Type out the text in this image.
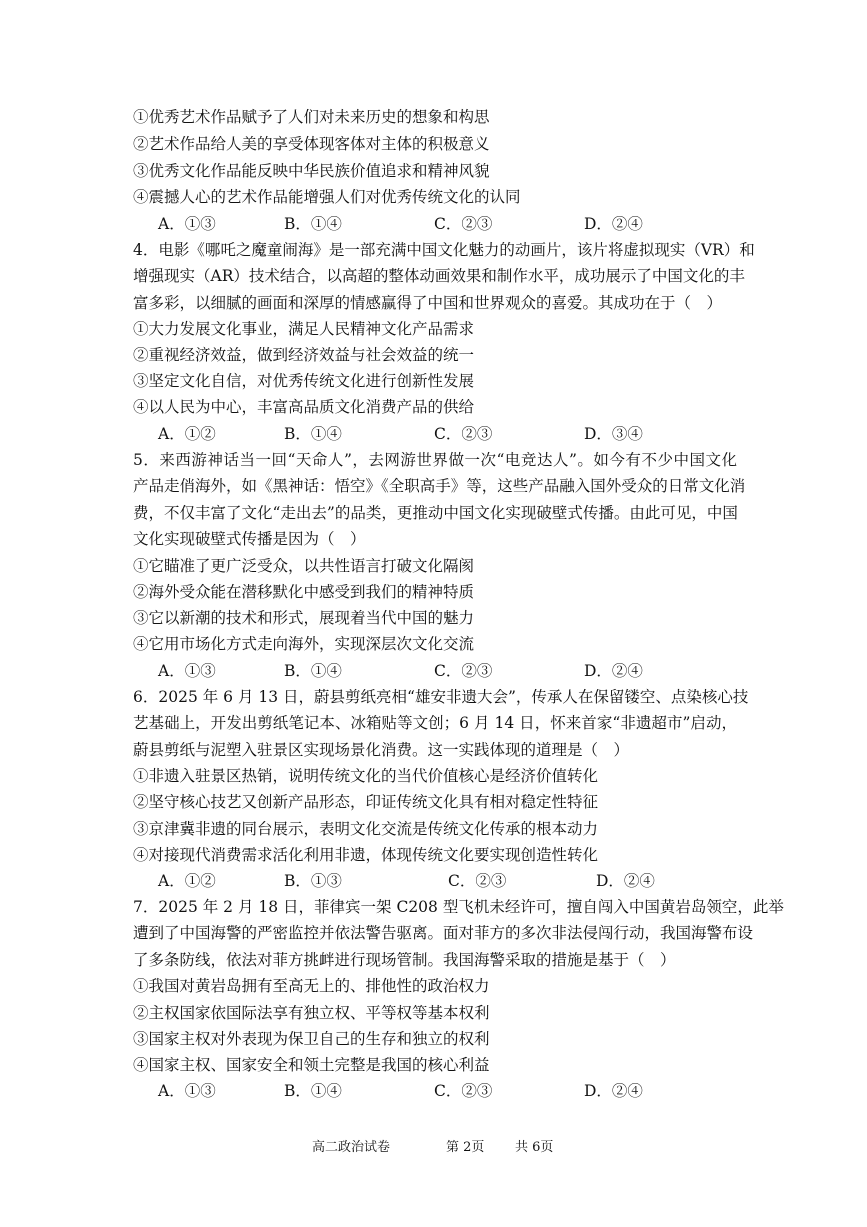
①优秀艺术作品赋予了人们对未来历史的想象和构思
②艺术作品给人美的享受体现客体对主体的积极意义
③优秀文化作品能反映中华民族价值追求和精神风貌
④震撼人心的艺术作品能增强人们对优秀传统文化的认同
A．①③	B．①④	C．②③	D．②④
4．电影《哪吒之魔童闹海》是一部充满中国文化魅力的动画片，该片将虚拟现实（VR）和
增强现实（AR）技术结合，以高超的整体动画效果和制作水平，成功展示了中国文化的丰
富多彩，以细腻的画面和深厚的情感赢得了中国和世界观众的喜爱。其成功在于（　）
①大力发展文化事业，满足人民精神文化产品需求
②重视经济效益，做到经济效益与社会效益的统一
③坚定文化自信，对优秀传统文化进行创新性发展
④以人民为中心，丰富高品质文化消费产品的供给
A．①②	B．①④	C．②③	D．③④
5．来西游神话当一回“天命人”，去网游世界做一次“电竞达人”。如今有不少中国文化
产品走俏海外，如《黑神话：悟空》《全职高手》等，这些产品融入国外受众的日常文化消
费，不仅丰富了文化“走出去”的品类，更推动中国文化实现破壁式传播。由此可见，中国
文化实现破壁式传播是因为（　）
①它瞄准了更广泛受众，以共性语言打破文化隔阂
②海外受众能在潜移默化中感受到我们的精神特质
③它以新潮的技术和形式，展现着当代中国的魅力
④它用市场化方式走向海外，实现深层次文化交流
A．①③	B．①④	C．②③	D．②④
6．2025 年 6 月 13 日，蔚县剪纸亮相“雄安非遗大会”，传承人在保留镂空、点染核心技
艺基础上，开发出剪纸笔记本、冰箱贴等文创；6 月 14 日，怀来首家“非遗超市”启动，
蔚县剪纸与泥塑入驻景区实现场景化消费。这一实践体现的道理是（　）
①非遗入驻景区热销，说明传统文化的当代价值核心是经济价值转化
②坚守核心技艺又创新产品形态，印证传统文化具有相对稳定性特征
③京津冀非遗的同台展示，表明文化交流是传统文化传承的根本动力
④对接现代消费需求活化利用非遗，体现传统文化要实现创造性转化
A．①②	B．①③	C．②③	D．②④
7．2025 年 2 月 18 日，菲律宾一架 C208 型飞机未经许可，擅自闯入中国黄岩岛领空，此举
遭到了中国海警的严密监控并依法警告驱离。面对菲方的多次非法侵闯行动，我国海警布设
了多条防线，依法对菲方挑衅进行现场管制。我国海警采取的措施是基于（　）
①我国对黄岩岛拥有至高无上的、排他性的政治权力
②主权国家依国际法享有独立权、平等权等基本权利
③国家主权对外表现为保卫自己的生存和独立的权利
④国家主权、国家安全和领土完整是我国的核心利益
A．①③	B．①④	C．②③	D．②④
高二政治试卷	第 2页 共 6页
